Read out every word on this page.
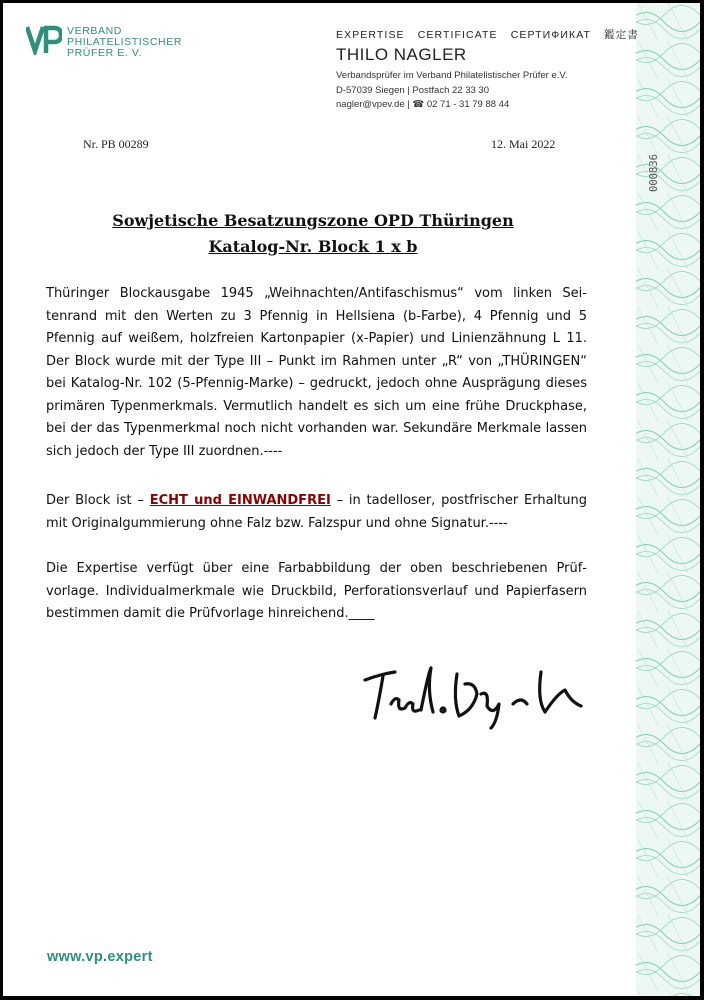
VERBAND
PHILATELISTISCHER
PRÜFER E. V.
EXPERTISE CERTIFICATE СЕРТИФИКАТ 鑑定書
THILO NAGLER
Verbandsprüfer im Verband Philatelistischer Prüfer e.V.
D-57039 Siegen | Postfach 22 33 30
nagler@vpev.de | ☎ 02 71 - 31 79 88 44
Nr. PB 00289	12. Mai 2022
000836
Sowjetische Besatzungszone OPD Thüringen
Katalog-Nr. Block 1 x b
Thüringer Blockausgabe 1945 „Weihnachten/Antifaschismus“ vom linken Seitenrand mit den Werten zu 3 Pfennig in Hellsiena (b-Farbe), 4 Pfennig und 5 Pfennig auf weißem, holzfreien Kartonpapier (x-Papier) und Linienzähnung L 11. Der Block wurde mit der Type III – Punkt im Rahmen unter „R“ von „THÜRINGEN“ bei Katalog-Nr. 102 (5-Pfennig-Marke) – gedruckt, jedoch ohne Ausprägung dieses primären Typenmerkmals. Vermutlich handelt es sich um eine frühe Druckphase, bei der das Typenmerkmal noch nicht vorhanden war. Sekundäre Merkmale lassen sich jedoch der Type III zuordnen.----
Der Block ist – ECHT und EINWANDFREI – in tadelloser, postfrischer Erhaltung mit Originalgummierung ohne Falz bzw. Falzspur und ohne Signatur.----
Die Expertise verfügt über eine Farbabbildung der oben beschriebenen Prüfvorlage. Individualmerkmale wie Druckbild, Perforationsverlauf und Papierfasern bestimmen damit die Prüfvorlage hinreichend.____
www.vp.expert
